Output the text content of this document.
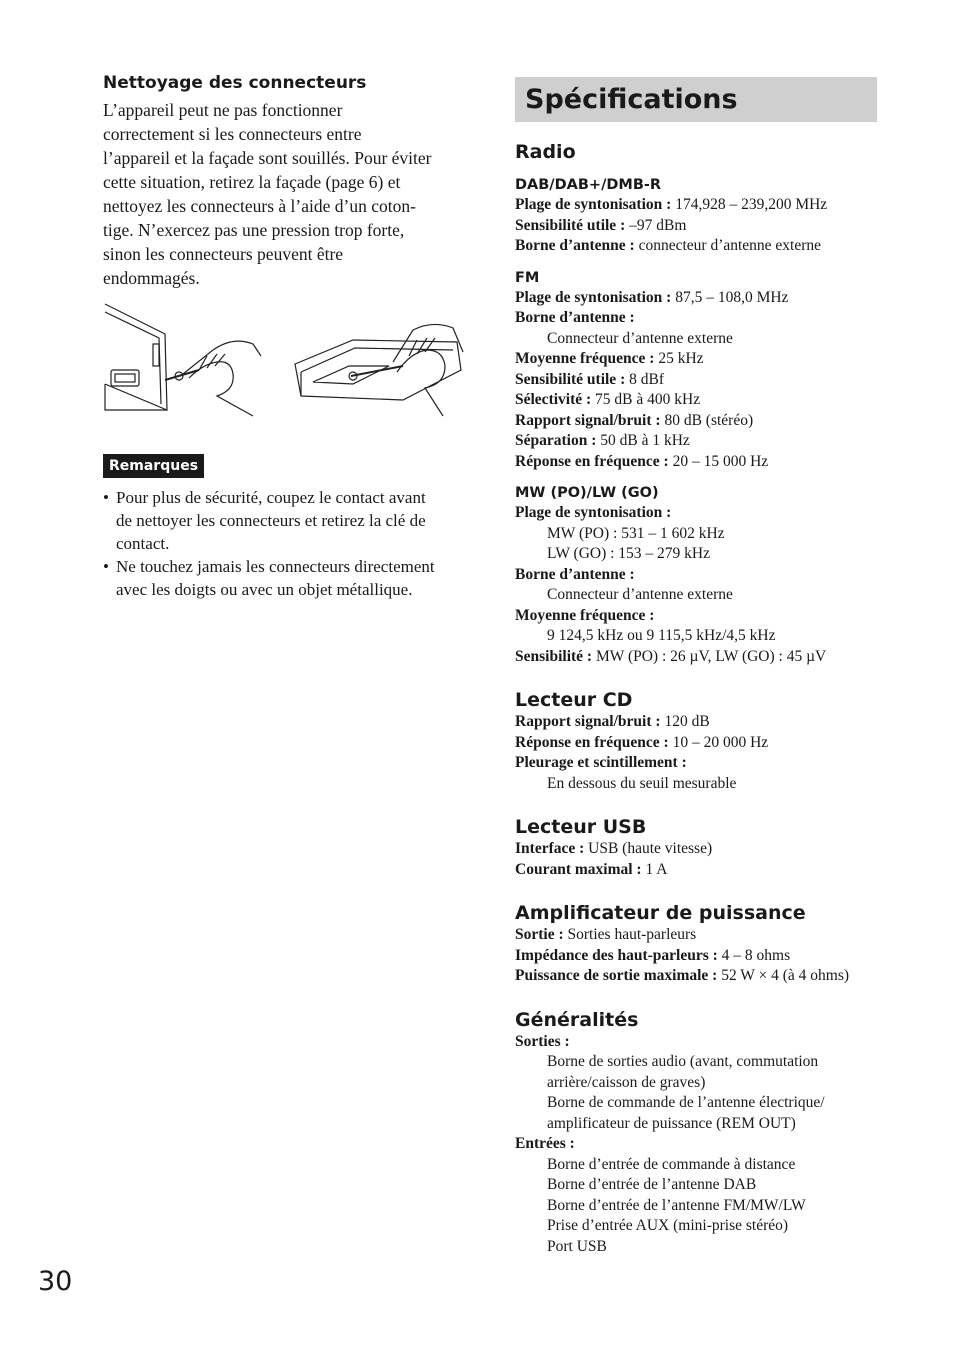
Nettoyage des connecteurs

L’appareil peut ne pas fonctionner

correctement si les connecteurs entre

l’appareil et la façade sont souillés. Pour éviter

cette situation, retirez la façade (page 6) et

nettoyez les connecteurs à l’aide d’un coton-

tige. N’exercez pas une pression trop forte,

sinon les connecteurs peuvent être

endommagés.

Remarques
• Pour plus de sécurité, coupez le contact avant
de nettoyer les connecteurs et retirez la clé de
contact.
• Ne touchez jamais les connecteurs directement
avec les doigts ou avec un objet métallique.
Spécifications
Radio
DAB/DAB+/DMB-R

Plage de syntonisation : 174,928 – 239,200 MHz

Sensibilité utile : –97 dBm

Borne d’antenne : connecteur d’antenne externe

FM

Plage de syntonisation : 87,5 – 108,0 MHz

Borne d’antenne :

Connecteur d’antenne externe

Moyenne fréquence : 25 kHz

Sensibilité utile : 8 dBf

Sélectivité : 75 dB à 400 kHz

Rapport signal/bruit : 80 dB (stéréo)

Séparation : 50 dB à 1 kHz

Réponse en fréquence : 20 – 15 000 Hz

MW (PO)/LW (GO)

Plage de syntonisation :

MW (PO) : 531 – 1 602 kHz

LW (GO) : 153 – 279 kHz

Borne d’antenne :

Connecteur d’antenne externe

Moyenne fréquence :

9 124,5 kHz ou 9 115,5 kHz/4,5 kHz

Sensibilité : MW (PO) : 26 µV, LW (GO) : 45 µV

Lecteur CD

Rapport signal/bruit : 120 dB

Réponse en fréquence : 10 – 20 000 Hz

Pleurage et scintillement :

En dessous du seuil mesurable

Lecteur USB

Interface : USB (haute vitesse)

Courant maximal : 1 A

Amplificateur de puissance

Sortie : Sorties haut-parleurs

Impédance des haut-parleurs : 4 – 8 ohms

Puissance de sortie maximale : 52 W × 4 (à 4 ohms)

Généralités

Sorties :

Borne de sorties audio (avant, commutation

arrière/caisson de graves)

Borne de commande de l’antenne électrique/

amplificateur de puissance (REM OUT)

Entrées :

Borne d’entrée de commande à distance

Borne d’entrée de l’antenne DAB

Borne d’entrée de l’antenne FM/MW/LW

Prise d’entrée AUX (mini-prise stéréo)

Port USB

30
